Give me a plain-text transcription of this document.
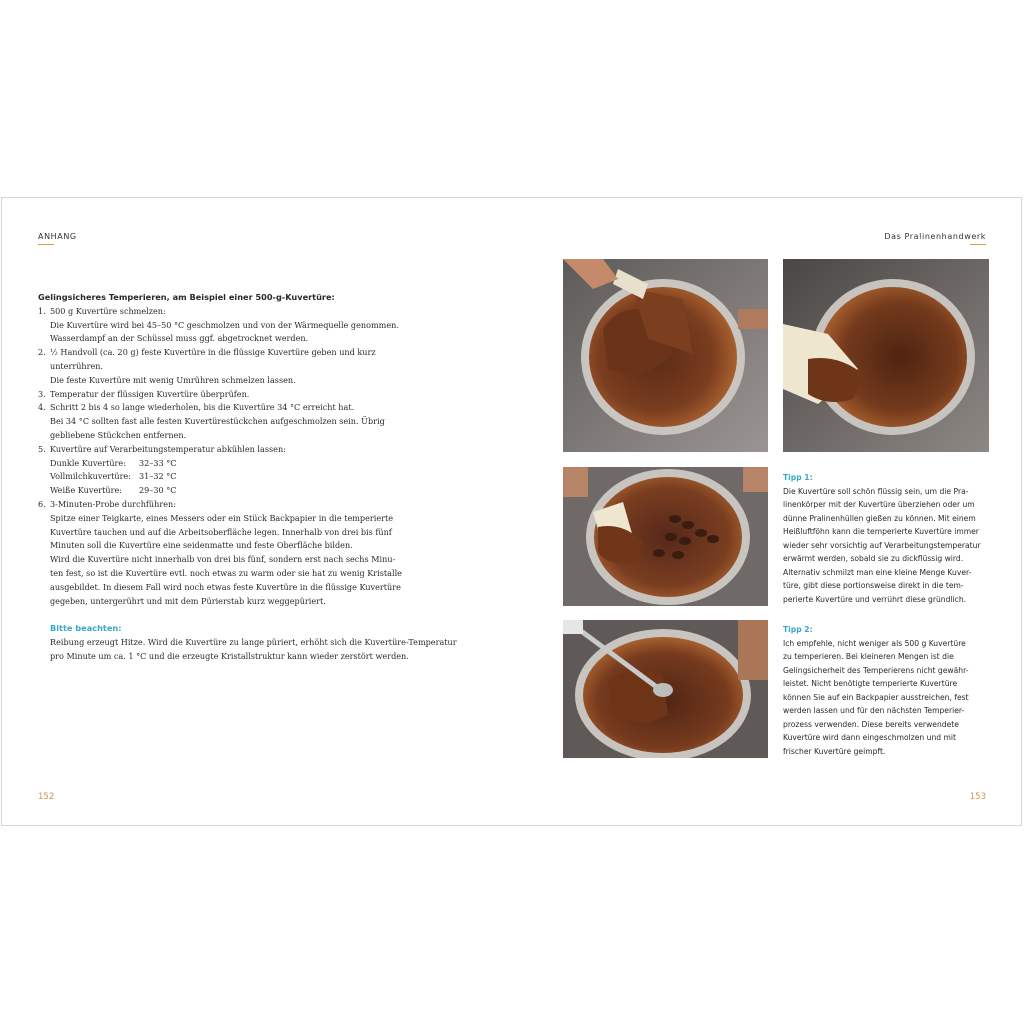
ANHANG	Das Pralinenhandwerk
Gelingsicheres Temperieren, am Beispiel einer 500-g-Kuvertüre:
1. 500 g Kuvertüre schmelzen:
Die Kuvertüre wird bei 45–50 °C geschmolzen und von der Wärmequelle genommen.
Wasserdampf an der Schüssel muss ggf. abgetrocknet werden.
2. ½ Handvoll (ca. 20 g) feste Kuvertüre in die flüssige Kuvertüre geben und kurz
unterrühren.
Die feste Kuvertüre mit wenig Umrühren schmelzen lassen.
3. Temperatur der flüssigen Kuvertüre überprüfen.
4. Schritt 2 bis 4 so lange wiederholen, bis die Kuvertüre 34 °C erreicht hat.
Bei 34 °C sollten fast alle festen Kuvertürestückchen aufgeschmolzen sein. Übrig
gebliebene Stückchen entfernen.
5. Kuvertüre auf Verarbeitungstemperatur abkühlen lassen:
Dunkle Kuvertüre: 32–33 °C
Vollmilchkuvertüre: 31–32 °C
Weiße Kuvertüre: 29–30 °C
6. 3-Minuten-Probe durchführen:
Spitze einer Teigkarte, eines Messers oder ein Stück Backpapier in die temperierte
Kuvertüre tauchen und auf die Arbeitsoberfläche legen. Innerhalb von drei bis fünf
Minuten soll die Kuvertüre eine seidenmatte und feste Oberfläche bilden.
Wird die Kuvertüre nicht innerhalb von drei bis fünf, sondern erst nach sechs Minu-
ten fest, so ist die Kuvertüre evtl. noch etwas zu warm oder sie hat zu wenig Kristalle
ausgebildet. In diesem Fall wird noch etwas feste Kuvertüre in die flüssige Kuvertüre
gegeben, untergerührt und mit dem Pürierstab kurz weggepüriert.
Bitte beachten:
Reibung erzeugt Hitze. Wird die Kuvertüre zu lange püriert, erhöht sich die Kuvertüre-Temperatur
pro Minute um ca. 1 °C und die erzeugte Kristallstruktur kann wieder zerstört werden.
Tipp 1:
Die Kuvertüre soll schön flüssig sein, um die Pra-
linenkörper mit der Kuvertüre überziehen oder um
dünne Pralinenhüllen gießen zu können. Mit einem
Heißluftföhn kann die temperierte Kuvertüre immer
wieder sehr vorsichtig auf Verarbeitungstemperatur
erwärmt werden, sobald sie zu dickflüssig wird.
Alternativ schmilzt man eine kleine Menge Kuver-
türe, gibt diese portionsweise direkt in die tem-
perierte Kuvertüre und verrührt diese gründlich.
Tipp 2:
Ich empfehle, nicht weniger als 500 g Kuvertüre
zu temperieren. Bei kleineren Mengen ist die
Gelingsicherheit des Temperierens nicht gewähr-
leistet. Nicht benötigte temperierte Kuvertüre
können Sie auf ein Backpapier ausstreichen, fest
werden lassen und für den nächsten Temperier-
prozess verwenden. Diese bereits verwendete
Kuvertüre wird dann eingeschmolzen und mit
frischer Kuvertüre geimpft.
152	153
